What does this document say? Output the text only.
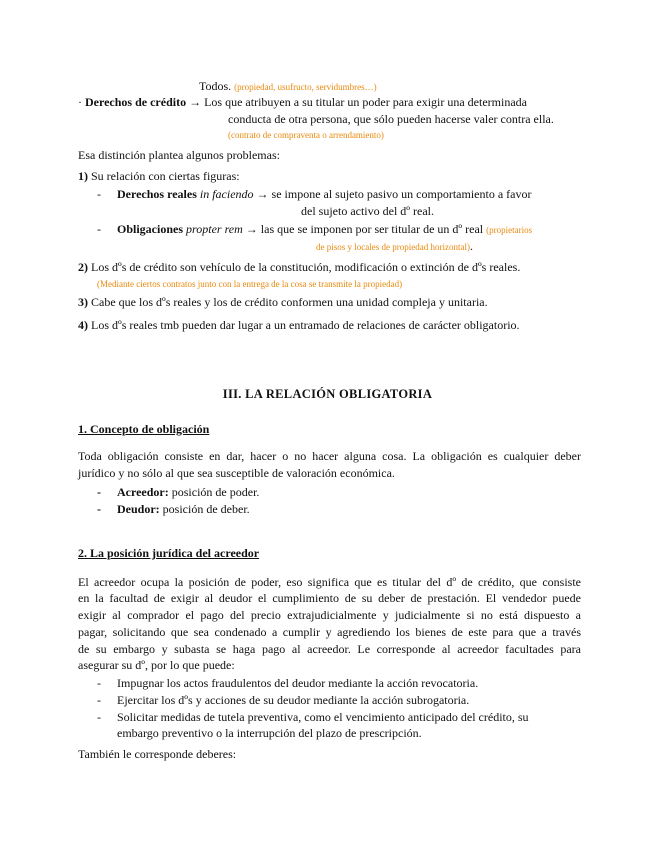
Todos. (propiedad, usufructo, servidumbres…)
· Derechos de crédito → Los que atribuyen a su titular un poder para exigir una determinada
conducta de otra persona, que sólo pueden hacerse valer contra ella.
(contrato de compraventa o arrendamiento)
Esa distinción plantea algunos problemas:
1) Su relación con ciertas figuras:
- Derechos reales in faciendo → se impone al sujeto pasivo un comportamiento a favor
del sujeto activo del dº real.
- Obligaciones propter rem → las que se imponen por ser titular de un dº real (propietarios
de pisos y locales de propiedad horizontal).
2) Los dºs de crédito son vehículo de la constitución, modificación o extinción de dºs reales.
(Mediante ciertos contratos junto con la entrega de la cosa se transmite la propiedad)
3) Cabe que los dºs reales y los de crédito conformen una unidad compleja y unitaria.
4) Los dºs reales tmb pueden dar lugar a un entramado de relaciones de carácter obligatorio.
III. LA RELACIÓN OBLIGATORIA
1. Concepto de obligación
Toda obligación consiste en dar, hacer o no hacer alguna cosa. La obligación es cualquier deber
jurídico y no sólo al que sea susceptible de valoración económica.
- Acreedor: posición de poder.
- Deudor: posición de deber.
2. La posición jurídica del acreedor
El acreedor ocupa la posición de poder, eso significa que es titular del dº de crédito, que consiste
en la facultad de exigir al deudor el cumplimiento de su deber de prestación. El vendedor puede
exigir al comprador el pago del precio extrajudicialmente y judicialmente si no está dispuesto a
pagar, solicitando que sea condenado a cumplir y agrediendo los bienes de este para que a través
de su embargo y subasta se haga pago al acreedor. Le corresponde al acreedor facultades para
asegurar su dº, por lo que puede:
- Impugnar los actos fraudulentos del deudor mediante la acción revocatoria.
- Ejercitar los dºs y acciones de su deudor mediante la acción subrogatoria.
- Solicitar medidas de tutela preventiva, como el vencimiento anticipado del crédito, su
embargo preventivo o la interrupción del plazo de prescripción.
También le corresponde deberes:
